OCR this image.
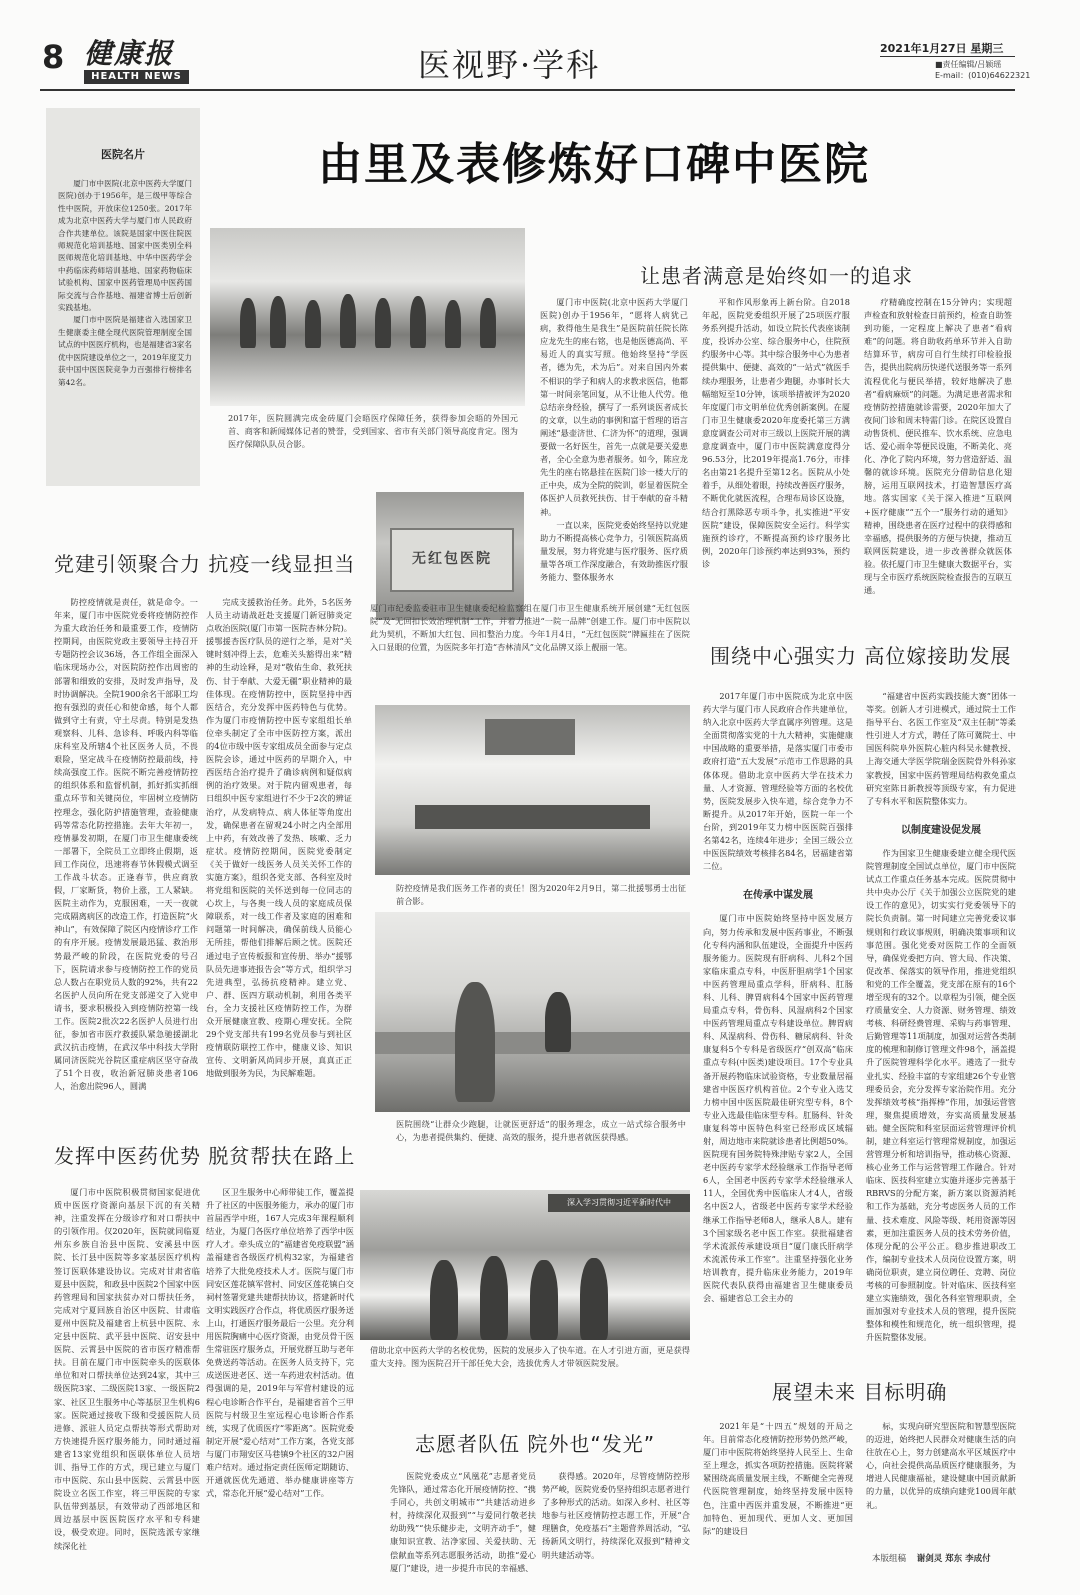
8 健康报
HEALTH NEWS	医视野·学科	2021年1月27日 星期三
■责任编辑/吕颖瑶
E-mail：(010)64622321
由里及表修炼好口碑中医院
医院名片

厦门市中医院(北京中医药大学厦门医院)创办于1956年，是三级甲等综合性中医院，开放床位1250张。2017年成为北京中医药大学与厦门市人民政府合作共建单位。该院是国家中医住院医师规范化培训基地、国家中医类别全科医师规范化培训基地、中华中医药学会中药临床药师培训基地、国家药物临床试验机构、国家中医药管理局中医药国际交流与合作基地、福建省博士后创新实践基地。

厦门市中医院是福建省入选国家卫生健康委主健全现代医院管理制度全国试点的中医医疗机构，也是福建省3家名优中医院建设单位之一，2019年度艾力获中国中医医院竞争力百强排行榜排名第42名。

2017年，医院圆满完成金砖厦门会晤医疗保障任务，获得参加会晤的外国元首、商客和新闻媒体记者的赞誉，受到国家、省市有关部门领导高度肯定。图为医疗保障队队员合影。
让患者满意是始终如一的追求

厦门市中医院(北京中医药大学厦门医院)创办于1956年，“愿将人病犹己病，救得他生是我生”是医院前任院长陈应龙先生的座右铭，也是他医德高尚、平易近人的真实写照。他始终坚持“学医者，德为先，术为后”。对来自国内外素不相识的学子和病人的求教求医信，他都第一时间亲笔回复，从不让他人代劳。他总结亲身经验，撰写了一系列谈医者成长的文章，以生动的事例和富于哲理的语言阐述“悬壶济世、仁济为怀”的道理，强调要做一名好医生，首先一点就是要关爱患者，全心全意为患者服务。如今，陈应龙先生的座右铭悬挂在医院门诊一楼大厅的正中央，成为全院的院训，彰显着医院全体医护人员救死扶伤、甘于奉献的奋斗精神。

一直以来，医院党委始终坚持以党建助力不断提高核心竞争力，引领医院高质量发展，努力将党建与医疗服务、医疗质量等各项工作深度融合，有效助推医疗服务能力、整体服务水

平和作风形象再上新台阶。自2018年起，医院党委组织开展了25项医疗服务系列提升活动，如设立院长代表座谈制度，投诉办公室、综合服务中心，住院预约服务中心等。其中综合服务中心为患者提供集中、便捷、高效的“一站式”就医手续办理服务，让患者少跑腿，办事时长大幅缩短至10分钟，该项举措被评为2020年度厦门市文明单位优秀创新案例。在厦门市卫生健康委2020年度委托第三方满意度调查公司对市三级以上医院开展的满意度调查中，厦门市中医院满意度得分96.53分，比2019年提高1.76分，市排名由第21名提升至第12名。医院从小处着手，从细处着眼，持续改善医疗服务，不断优化就医流程，合理布局诊区设施，结合打黑除恶专项斗争，扎实推进“平安医院”建设，保障医院安全运行。科学实施预约诊疗，不断提高预约诊疗服务比例，2020年门诊预约率达到93%，预约诊

疗精确度控制在15分钟内；实现超声检查和放射检查日前预约，检查自助签到功能，一定程度上解决了患者“看病难”的问题。将自助收药单环节并入自助结算环节，病房可自行生续打印检验报告，提供出院病历快递代送服务等一系列流程优化与便民举措，较好地解决了患者“看病麻烦”的问题。为满足患者需求和疫情防控措施就诊需要，2020年加大了夜间门诊和周末特需门诊。在院区设置自动售货机、便民推车、饮水系统、应急电话、爱心雨伞等便民设施，不断美化、亮化、净化了院内环境，努力营造舒适、温馨的就诊环境。医院充分借助信息化翅膀，运用互联网技术，打造智慧医疗高地。落实国家《关于深入推进“互联网+医疗健康”“五个一”服务行动的通知》精神，围绕患者在医疗过程中的获得感和幸福感，提供服务的方便与快捷，推动互联网医院建设，进一步改善群众就医体验。依托厦门市卫生健康大数据平台，实现与全市医疗系统医院检查报告的互联互通。

无红包医院
党建引领聚合力 抗疫一线显担当

防控疫情就是责任，就是命令。一年来，厦门市中医院党委将疫情防控作为重大政治任务和最重要工作，疫情防控期间，由医院党政主要领导主持召开专题防控会议36场，各工作组全面深入临床现场办公，对医院防控作出周密的部署和细致的安排，及时发声指导，及时协调解决。全院1900余名干部职工均抱有强烈的责任心和使命感，每个人都做到守土有责，守土尽责。特别是发热观察科、儿科、急诊科、呼吸内科等临床科室及所辖4个社区医务人员，不畏艰险，坚定战斗在疫情防控最前线，持续高强度工作。医院不断完善疫情防控的组织体系和监督机制，抓好抓实抓细重点环节和关键岗位，牢固树立疫情防控理念，强化防护措施管理，查验健康码等常态化防控措施。去年大年初一，疫情暴发初期，在厦门市卫生健康委统一部署下，全院员工立即终止假期，返回工作岗位，迅速将春节休假模式调至工作战斗状态。正逢春节，供应商放假，厂家断货，物价上涨，工人紧缺。医院主动作为，克服困难，一天一夜就完成隔离病区的改造工作，打造医院“火神山”，有效保障了院区内疫情诊疗工作的有序开展。疫情发展最迅猛、救治形势最严峻的阶段，在医院党委的号召下，医院请求参与疫情防控工作的党员总人数占在职党员人数的92%，共有22名医护人员向所在党支部递交了入党申请书，要求积极投入到疫情防控第一线工作。医院2批次22名医护人员进行出征，参加省市医疗救援队紧急驰援湖北武汉抗击疫情，在武汉华中科技大学附属同济医院光谷院区重症病区坚守奋战了51个日夜，收治新冠肺炎患者106人，治愈出院96人，圆满

完成支援救治任务。此外，5名医务人员主动请战赶赴支援厦门新冠肺炎定点收治医院(厦门市第一医院杏林分院)。援鄂援杏医疗队员的逆行之举，是对“关键时刻冲得上去，危难关头豁得出来”精神的生动诠释，是对“敬佑生命、救死扶伤、甘于奉献、大爱无疆”职业精神的最佳体现。在疫情防控中，医院坚持中西医结合，充分发挥中医药特色与优势。作为厦门市疫情防控中医专家组组长单位牵头制定了全市中医防控方案，派出的4位市级中医专家组成员全面参与定点医院会诊，通过中医药的早期介入，中西医结合治疗提升了确诊病例和疑似病例的治疗效果。对于院内留观患者，每日组织中医专家组进行不少于2次的辨证治疗，从发病特点、病人体征等角度出发，确保患者在留观24小时之内全部用上中药，有效改善了发热、咳嗽、乏力症状。疫情防控期间，医院党委制定《关于做好一线医务人员关关怀工作的实施方案》，组织各党支部、各科室及时将党组和医院的关怀送到每一位同志的心坎上，与各奥一线人员的家庭成员保障联系，对一线工作者及家庭的困难和问题第一时间解决，确保前线人员能心无所挂，帮他们排解后顾之忧。医院还通过电子宣传板报和宣传册、举办“援鄂队员先进事迹报告会”等方式，组织学习先进典型，弘扬抗疫精神。建立党、户、群、医四方联动机制，利用各类平台，全力支援社区疫情防控工作，为群众开展健康宣教、疫期心理安抚。全院29个党支部共有199名党员参与到社区疫情联防联控工作中，健康义诊、知识宣传、文明新风尚同步开展，真真正正地做到服务为民，为民解难题。

厦门市纪委监委驻市卫生健康委纪检监察组在厦门市卫生健康系统开展创建“无红包医院”及“无回扣长效治理机制”工作，并着力推进“一院一品牌”创建工作。厦门市中医院以此为契机，不断加大红包、回扣整治力度。今年1月4日，“无红包医院”牌匾挂在了医院入口显眼的位置，为医院多年打造“杏林清风”文化品牌又添上靓丽一笔。
防控疫情是我们医务工作者的责任！图为2020年2月9日，第二批援鄂勇士出征前合影。
围绕中心强实力 高位嫁接助发展

2017年厦门市中医院成为北京中医药大学与厦门市人民政府合作共建单位，纳入北京中医药大学直属序列管理。这是全面贯彻落实党的十九大精神，实施健康中国战略的重要举措，是落实厦门市委市政府打造“五大发展”示范市工作思路的具体体现。借助北京中医药大学在技术力量、人才资源、管理经验等方面的名校优势，医院发展步入快车道，综合竞争力不断提升。从2017年开始，医院一年一个台阶，到2019年艾力榜中医医院百强排名第42名，连续4年进步；全国三级公立中医医院绩效考核排名84名，居福建省第二位。

在传承中谋发展

厦门市中医院始终坚持中医发展方向，努力传承和发展中医药事业，不断强化专科内涵和队伍建设，全面提升中医药服务能力。医院现有肝病科、儿科2个国家临床重点专科，中医肝胆病学1个国家中医药管理局重点学科，肝病科、肛肠科、儿科、脾胃病科4个国家中医药管理局重点专科，骨伤科、风湿病科2个国家中医药管理局重点专科建设单位。脾胃病科、风湿病科、骨伤科、糖尿病科、针灸康复科5个专科是省级医疗“创双高”临床重点专科(中医类)建设项目。17个专业具备开展药物临床试验资格，专业数量居福建省中医医疗机构首位。2个专业入选艾力榜中国中医医院最佳研究型专科，8个专业入选最佳临床型专科。肛肠科、针灸康复科等中医特色科室已经形成区域辐射，周边地市来院就诊患者比例超50%。医院现有国务院特殊津贴专家2人，全国老中医药专家学术经验继承工作指导老师6人，全国老中医药专家学术经验继承人11人，全国优秀中医临床人才4人，省级名中医2人，省级老中医药专家学术经验继承工作指导老师8人，继承人8人。建有3个国家级名老中医工作室。获批福建省学术流派传承建设项目“厦门康氏肝病学术流派传承工作室”。注重坚持强化业务培训教育，提升临床业务能力，2019年医院代表队获得由福建省卫生健康委员会、福建省总工会主办的

“福建省中医药实践技能大赛”团体一等奖。创新人才引进模式，通过院士工作指导平台、名医工作室及“双主任制”等柔性引进人才方式，聘任了陈可冀院士、中国医科院阜外医院心脏内科吴永健教授、上海交通大学医学院瑞金医院骨外科孙家家教授，国家中医药管理局结构救免重点研究室陈日新教授等顶级专家，有力促进了专科水平和医院整体实力。

以制度建设促发展

作为国家卫生健康委建立健全现代医院管理制度全国试点单位，厦门市中医院试点工作重点任务基本完成。医院贯彻中共中央办公厅《关于加强公立医院党的建设工作的意见》，切实实行党委领导下的院长负责制。第一时间建立完善党委议事规则和行政议事规则，明确决策事项和议事范围。强化党委对医院工作的全面领导，确保党委把方向、管大局、作决策、促改革、保落实的领导作用，推进党组织和党的工作全覆盖，党支部在原有的16个增至现有的32个。以章程为引领，健全医疗质量安全、人力资源、财务管理、绩效考核、科研经费管理、采购与药事管理、后勤管理等11项制度，加强对运营各类制度的梳理和制修订管理文件98个，涵盖提升了医院管理科学化水平。遴选了一批专业扎实、经验丰富的专家组建26个专业管理委员会，充分发挥专家治院作用。充分发挥绩效考核“指挥棒”作用，加强运营管理，聚焦提质增效，夯实高质量发展基础。健全医院和科室层面运营管理评价机制，建立科室运行管理常规制度，加强运营管理分析和培训指导，推动核心资源、核心业务工作与运营管理工作融合。针对临床、医技科室建立实施并逐步完善基于RBRVS的分配方案，新方案以资源消耗和工作为基础，充分考虑医务人员的工作量、技术难度、风险等级、耗用资源等因素，更加注重医务人员的技术劳务价值，体现分配的公平公正。稳步推进职改工作，编制专业技术人员岗位设置方案，明确岗位职责，建立岗位聘任、竞聘、岗位考核的可参照制度。针对临床、医技科室建立实施绩效，强化各科室管理职责，全面加强对专业技术人员的管理，提升医院整体和模性和规范化，统一组织管理，提升医院整体发展。

医院围绕“让群众少跑腿，让就医更舒适”的服务理念，成立一站式综合服务中心，为患者提供集约、便捷、高效的服务，提升患者就医获得感。
发挥中医药优势 脱贫帮扶在路上

厦门市中医院积极贯彻国家促进优质中医医疗资源向基层下沉的有关精神，注重发挥在分级诊疗和对口帮扶中的引领作用。仅2020年，医院就同临夏州东乡族自治县中医院、安溪县中医院、长汀县中医院等多家基层医疗机构签订医联体建设协议。完成对甘肃省临夏县中医院，和政县中医院2个国家中医药管理局和国家扶贫办对口帮扶任务，完成对宁夏回族自治区中医院、甘肃临夏州中医院及福建省上杭县中医院、永定县中医院、武平县中医院、诏安县中医院、云霄县中医院的省市医疗精准帮扶。目前在厦门市中医院牵头的医联体单位和对口帮扶单位达到24家，其中三级医院3家、二级医院13家、一级医院2家、社区卫生服务中心等基层卫生机构6家。医院通过接收下级和受援医院人员进修、派驻人员定点帮扶等形式帮助对方快速提升医疗服务能力，同时通过福建省13家党组织和医联体单位人员培训、指导工作的方式，现已建立与厦门市中医院、东山县中医院、云霄县中医院设立名医工作室，将三甲医院的专家队伍带到基层，有效带动了西部地区和周边基层中医医院医疗水平和专科建设，极受欢迎。同时，医院选派专家继续深化社

区卫生服务中心师带徒工作，覆盖提升了社区的中医服务能力，承办的厦门市首届西学中班，167人完成3年课程顺利结业，为厦门各医疗单位培养了西学中医疗人才。牵头成立的“福建省免疫联盟”涵盖福建省各级医疗机构32家，为福建省培养了大批免疫技术人才。医院与厦门市同安区莲花镇军营村、同安区莲花镇白交祠村签署党建共建帮扶协议，搭建新时代文明实践医疗合作点，将优质医疗服务送上山，打通医疗服务最后一公里。充分利用医院胸痛中心医疗资源，由党员骨干医生常驻医疗服务点，开展党群互助与老年免费送药等活动。在医务人员支持下，完成送医进老区、送一车药进农村活动。值得强调的是，2019年与军营村建设的远程心电诊断合作平台，是福建省首个三甲医院与村级卫生室远程心电诊断合作系统，实现了优质医疗“零距离”。医院党委制定开展“爱心结对”工作方案，各党支部与厦门市翔安区马巷镇9个社区的32户困难户结对。通过指定责任医师定期随访、开通就医优先通道、举办健康讲座等方式，常态化开展“爱心结对”工作。

深入学习贯彻习近平新时代中
借助北京中医药大学的名校优势，医院的发展步入了快车道。在人才引进方面，更是获得重大支持。图为医院召开干部任免大会，选拔优秀人才带领医院发展。
志愿者队伍 院外也“发光”

医院党委成立“风凰花”志愿者党员先锋队，通过常态化开展疫情防控、“携手同心，共创文明城市”“共建活动进乡村，持续深化双报到”“与爱同行敬老扶幼助残”“快乐健步走，文明齐动手”，健康知识宣教、沽净家园、关爱扶助、无偿献血等系列志愿服务活动，助推“爱心厦门”建设，进一步提升市民的幸福感、

获得感。2020年，尽管疫情防控形势严峻，医院党委仍坚持组织志愿者进行了多种形式的活动。如深入乡村、社区等地参与社区疫情防控志愿工作，开展“合理膳食，免疫基石”主题营养周活动，“弘扬新风文明行，持续深化双报到”精神文明共建活动等。

展望未来 目标明确

2021年是“十四五”规划的开局之年。目前常态化疫情防控形势仍然严峻，厦门市中医院将始终坚持人民至上、生命至上理念，抓实各项防控措施。医院将紧紧围绕高质量发展主线，不断健全完善现代医院管理制度，始终坚持发展中医特色，注重中西医并重发展，不断推进“更加特色、更加现代、更加人文、更加国际”的建设目

标，实现向研究型医院和智慧型医院的迈进，始终把人民群众对健康生活的向往放在心上，努力创建高水平区域医疗中心，向社会提供高品质医疗健康服务，为增进人民健康福祉，建设健康中国贡献新的力量，以优异的成绩向建党100周年献礼。

本版组稿 谢剑灵 郑东 李成付
